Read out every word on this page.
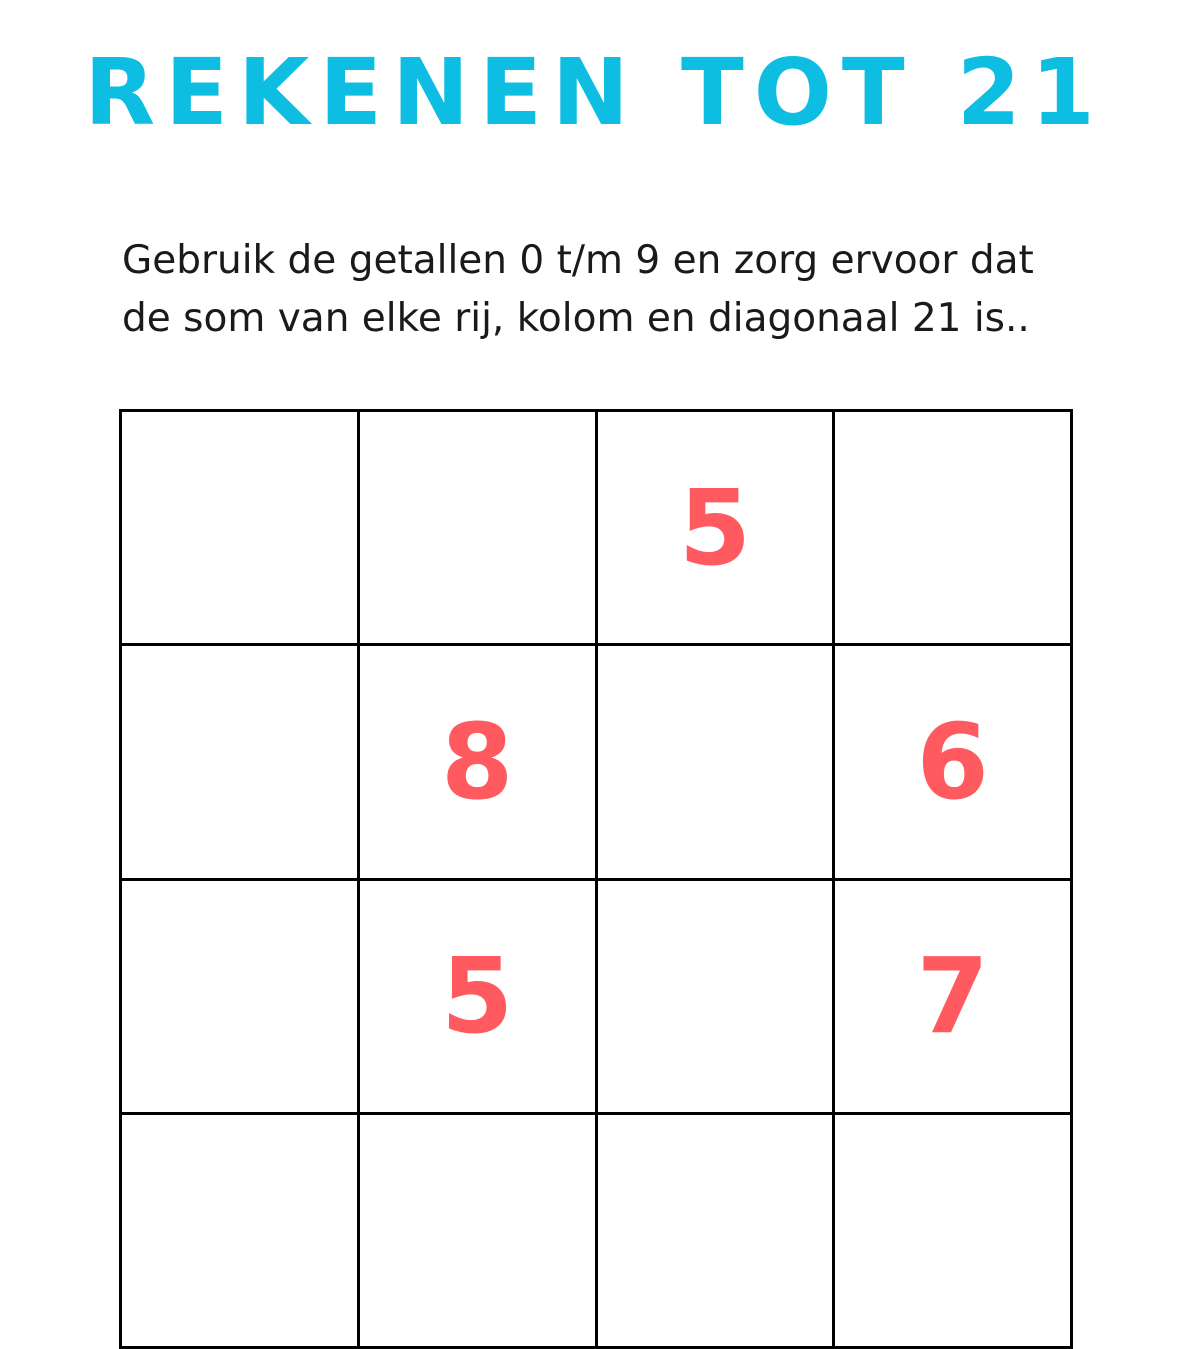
REKENEN TOT 21
Gebruik de getallen 0 t/m 9 en zorg ervoor dat
de som van elke rij, kolom en diagonaal 21 is..
5
8	6
5	7
